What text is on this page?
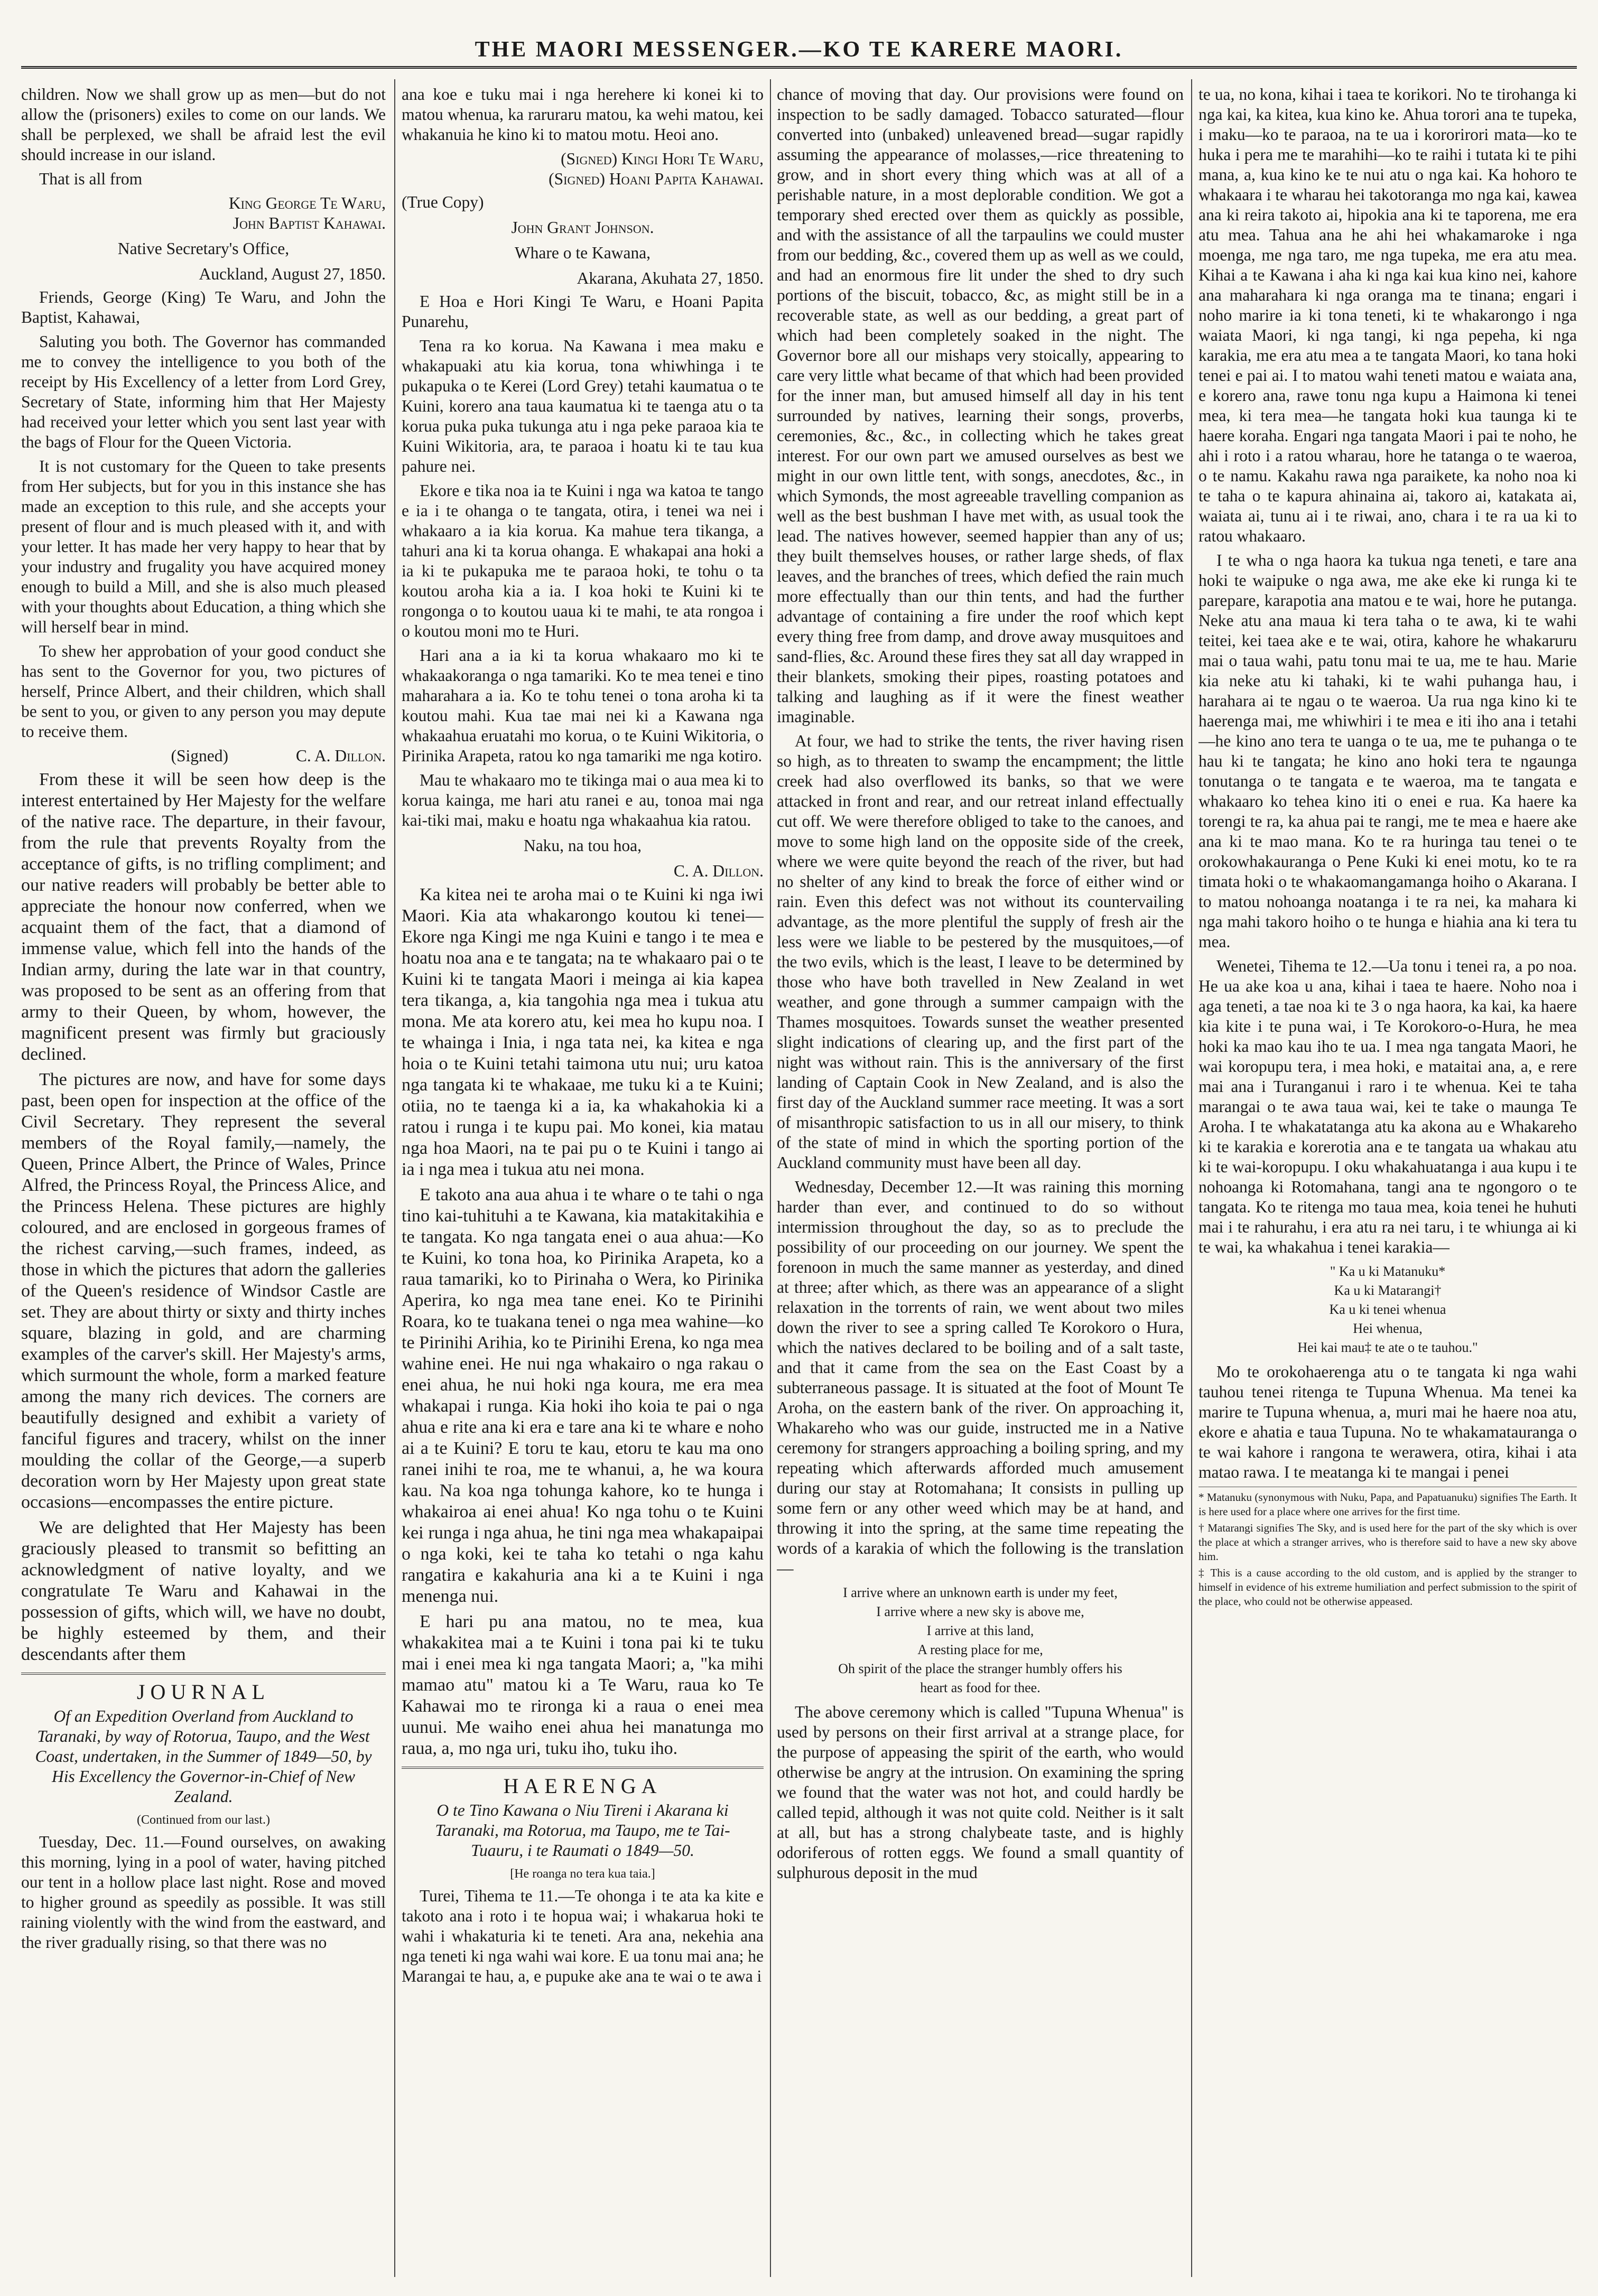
THE MAORI MESSENGER.—KO TE KARERE MAORI.

children. Now we shall grow up as men—but do not allow the (prisoners) exiles to come on our lands. We shall be perplexed, we shall be afraid lest the evil should increase in our island.

That is all from

King George Te Waru,
John Baptist Kahawai.
Native Secretary's Office,
Auckland, August 27, 1850.

Friends, George (King) Te Waru, and John the Baptist, Kahawai,

Saluting you both. The Governor has commanded me to convey the intelligence to you both of the receipt by His Excellency of a letter from Lord Grey, Secretary of State, informing him that Her Majesty had received your letter which you sent last year with the bags of Flour for the Queen Victoria.

It is not customary for the Queen to take presents from Her subjects, but for you in this instance she has made an exception to this rule, and she accepts your present of flour and is much pleased with it, and with your letter. It has made her very happy to hear that by your industry and frugality you have acquired money enough to build a Mill, and she is also much pleased with your thoughts about Education, a thing which she will herself bear in mind.

To shew her approbation of your good conduct she has sent to the Governor for you, two pictures of herself, Prince Albert, and their children, which shall be sent to you, or given to any person you may depute to receive them.

(Signed)	C. A. Dillon.

From these it will be seen how deep is the interest entertained by Her Majesty for the welfare of the native race. The departure, in their favour, from the rule that prevents Royalty from the acceptance of gifts, is no trifling compliment; and our native readers will probably be better able to appreciate the honour now conferred, when we acquaint them of the fact, that a diamond of immense value, which fell into the hands of the Indian army, during the late war in that country, was proposed to be sent as an offering from that army to their Queen, by whom, however, the magnificent present was firmly but graciously declined.

The pictures are now, and have for some days past, been open for inspection at the office of the Civil Secretary. They represent the several members of the Royal family,—namely, the Queen, Prince Albert, the Prince of Wales, Prince Alfred, the Princess Royal, the Princess Alice, and the Princess Helena. These pictures are highly coloured, and are enclosed in gorgeous frames of the richest carving,—such frames, indeed, as those in which the pictures that adorn the galleries of the Queen's residence of Windsor Castle are set. They are about thirty or sixty and thirty inches square, blazing in gold, and are charming examples of the carver's skill. Her Majesty's arms, which surmount the whole, form a marked feature among the many rich devices. The corners are beautifully designed and exhibit a variety of fanciful figures and tracery, whilst on the inner moulding the collar of the George,—a superb decoration worn by Her Majesty upon great state occasions—encompasses the entire picture.

We are delighted that Her Majesty has been graciously pleased to transmit so befitting an acknowledgment of native loyalty, and we congratulate Te Waru and Kahawai in the possession of gifts, which will, we have no doubt, be highly esteemed by them, and their descendants after them

JOURNAL
Of an Expedition Overland from Auckland to Taranaki, by way of Rotorua, Taupo, and the West Coast, undertaken, in the Summer of 1849—50, by His Excellency the Governor-in-Chief of New Zealand.
(Continued from our last.)

Tuesday, Dec. 11.—Found ourselves, on awaking this morning, lying in a pool of water, having pitched our tent in a hollow place last night. Rose and moved to higher ground as speedily as possible. It was still raining violently with the wind from the eastward, and the river gradually rising, so that there was no

ana koe e tuku mai i nga herehere ki konei ki to matou whenua, ka raruraru matou, ka wehi matou, kei whakanuia he kino ki to matou motu. Heoi ano.

(Signed) Kingi Hori Te Waru,
(Signed) Hoani Papita Kahawai.
(True Copy)
John Grant Johnson.
Whare o te Kawana,
Akarana, Akuhata 27, 1850.

E Hoa e Hori Kingi Te Waru, e Hoani Papita Punarehu,

Tena ra ko korua. Na Kawana i mea maku e whakapuaki atu kia korua, tona whiwhinga i te pukapuka o te Kerei (Lord Grey) tetahi kaumatua o te Kuini, korero ana taua kaumatua ki te taenga atu o ta korua puka puka tukunga atu i nga peke paraoa kia te Kuini Wikitoria, ara, te paraoa i hoatu ki te tau kua pahure nei.

Ekore e tika noa ia te Kuini i nga wa katoa te tango e ia i te ohanga o te tangata, otira, i tenei wa nei i whakaaro a ia kia korua. Ka mahue tera tikanga, a tahuri ana ki ta korua ohanga. E whakapai ana hoki a ia ki te pukapuka me te paraoa hoki, te tohu o ta koutou aroha kia a ia. I koa hoki te Kuini ki te rongonga o to koutou uaua ki te mahi, te ata rongoa i o koutou moni mo te Huri.

Hari ana a ia ki ta korua whakaaro mo ki te whakaakoranga o nga tamariki. Ko te mea tenei e tino maharahara a ia. Ko te tohu tenei o tona aroha ki ta koutou mahi. Kua tae mai nei ki a Kawana nga whakaahua eruatahi mo korua, o te Kuini Wikitoria, o Pirinika Arapeta, ratou ko nga tamariki me nga kotiro.

Mau te whakaaro mo te tikinga mai o aua mea ki to korua kainga, me hari atu ranei e au, tonoa mai nga kai-tiki mai, maku e hoatu nga whakaahua kia ratou.

Naku, na tou hoa,
C. A. Dillon.

Ka kitea nei te aroha mai o te Kuini ki nga iwi Maori. Kia ata whakarongo koutou ki tenei—Ekore nga Kingi me nga Kuini e tango i te mea e hoatu noa ana e te tangata; na te whakaaro pai o te Kuini ki te tangata Maori i meinga ai kia kapea tera tikanga, a, kia tangohia nga mea i tukua atu mona. Me ata korero atu, kei mea ho kupu noa. I te whainga i Inia, i nga tata nei, ka kitea e nga hoia o te Kuini tetahi taimona utu nui; uru katoa nga tangata ki te whakaae, me tuku ki a te Kuini; otiia, no te taenga ki a ia, ka whakahokia ki a ratou i runga i te kupu pai. Mo konei, kia matau nga hoa Maori, na te pai pu o te Kuini i tango ai ia i nga mea i tukua atu nei mona.

E takoto ana aua ahua i te whare o te tahi o nga tino kai-tuhituhi a te Kawana, kia matakitakihia e te tangata. Ko nga tangata enei o aua ahua:—Ko te Kuini, ko tona hoa, ko Pirinika Arapeta, ko a raua tamariki, ko to Pirinaha o Wera, ko Pirinika Aperira, ko nga mea tane enei. Ko te Pirinihi Roara, ko te tuakana tenei o nga mea wahine—ko te Pirinihi Arihia, ko te Pirinihi Erena, ko nga mea wahine enei. He nui nga whakairo o nga rakau o enei ahua, he nui hoki nga koura, me era mea whakapai i runga. Kia hoki iho koia te pai o nga ahua e rite ana ki era e tare ana ki te whare e noho ai a te Kuini? E toru te kau, etoru te kau ma ono ranei inihi te roa, me te whanui, a, he wa koura kau. Na koa nga tohunga kahore, ko te hunga i whakairoa ai enei ahua! Ko nga tohu o te Kuini kei runga i nga ahua, he tini nga mea whakapaipai o nga koki, kei te taha ko tetahi o nga kahu rangatira e kakahuria ana ki a te Kuini i nga menenga nui.

E hari pu ana matou, no te mea, kua whakakitea mai a te Kuini i tona pai ki te tuku mai i enei mea ki nga tangata Maori; a, "ka mihi mamao atu" matou ki a Te Waru, raua ko Te Kahawai mo te rironga ki a raua o enei mea uunui. Me waiho enei ahua hei manatunga mo raua, a, mo nga uri, tuku iho, tuku iho.

HAERENGA
O te Tino Kawana o Niu Tireni i Akarana ki Taranaki, ma Rotorua, ma Taupo, me te Tai-Tuauru, i te Raumati o 1849—50.
[He roanga no tera kua taia.]

Turei, Tihema te 11.—Te ohonga i te ata ka kite e takoto ana i roto i te hopua wai; i whakarua hoki te wahi i whakaturia ki te teneti. Ara ana, nekehia ana nga teneti ki nga wahi wai kore. E ua tonu mai ana; he Marangai te hau, a, e pupuke ake ana te wai o te awa i

chance of moving that day. Our provisions were found on inspection to be sadly damaged. Tobacco saturated—flour converted into (unbaked) unleavened bread—sugar rapidly assuming the appearance of molasses,—rice threatening to grow, and in short every thing which was at all of a perishable nature, in a most deplorable condition. We got a temporary shed erected over them as quickly as possible, and with the assistance of all the tarpaulins we could muster from our bedding, &c., covered them up as well as we could, and had an enormous fire lit under the shed to dry such portions of the biscuit, tobacco, &c, as might still be in a recoverable state, as well as our bedding, a great part of which had been completely soaked in the night. The Governor bore all our mishaps very stoically, appearing to care very little what became of that which had been provided for the inner man, but amused himself all day in his tent surrounded by natives, learning their songs, proverbs, ceremonies, &c., &c., in collecting which he takes great interest. For our own part we amused ourselves as best we might in our own little tent, with songs, anecdotes, &c., in which Symonds, the most agreeable travelling companion as well as the best bushman I have met with, as usual took the lead. The natives however, seemed happier than any of us; they built themselves houses, or rather large sheds, of flax leaves, and the branches of trees, which defied the rain much more effectually than our thin tents, and had the further advantage of containing a fire under the roof which kept every thing free from damp, and drove away musquitoes and sand-flies, &c. Around these fires they sat all day wrapped in their blankets, smoking their pipes, roasting potatoes and talking and laughing as if it were the finest weather imaginable.

At four, we had to strike the tents, the river having risen so high, as to threaten to swamp the encampment; the little creek had also overflowed its banks, so that we were attacked in front and rear, and our retreat inland effectually cut off. We were therefore obliged to take to the canoes, and move to some high land on the opposite side of the creek, where we were quite beyond the reach of the river, but had no shelter of any kind to break the force of either wind or rain. Even this defect was not without its countervailing advantage, as the more plentiful the supply of fresh air the less were we liable to be pestered by the musquitoes,—of the two evils, which is the least, I leave to be determined by those who have both travelled in New Zealand in wet weather, and gone through a summer campaign with the Thames mosquitoes. Towards sunset the weather presented slight indications of clearing up, and the first part of the night was without rain. This is the anniversary of the first landing of Captain Cook in New Zealand, and is also the first day of the Auckland summer race meeting. It was a sort of misanthropic satisfaction to us in all our misery, to think of the state of mind in which the sporting portion of the Auckland community must have been all day.

Wednesday, December 12.—It was raining this morning harder than ever, and continued to do so without intermission throughout the day, so as to preclude the possibility of our proceeding on our journey. We spent the forenoon in much the same manner as yesterday, and dined at three; after which, as there was an appearance of a slight relaxation in the torrents of rain, we went about two miles down the river to see a spring called Te Korokoro o Hura, which the natives declared to be boiling and of a salt taste, and that it came from the sea on the East Coast by a subterraneous passage. It is situated at the foot of Mount Te Aroha, on the eastern bank of the river. On approaching it, Whakareho who was our guide, instructed me in a Native ceremony for strangers approaching a boiling spring, and my repeating which afterwards afforded much amusement during our stay at Rotomahana; It consists in pulling up some fern or any other weed which may be at hand, and throwing it into the spring, at the same time repeating the words of a karakia of which the following is the translation—

I arrive where an unknown earth is under my feet,
I arrive where a new sky is above me,
I arrive at this land,
A resting place for me,
Oh spirit of the place the stranger humbly offers his
heart as food for thee.

The above ceremony which is called "Tupuna Whenua" is used by persons on their first arrival at a strange place, for the purpose of appeasing the spirit of the earth, who would otherwise be angry at the intrusion. On examining the spring we found that the water was not hot, and could hardly be called tepid, although it was not quite cold. Neither is it salt at all, but has a strong chalybeate taste, and is highly odoriferous of rotten eggs. We found a small quantity of sulphurous deposit in the mud

te ua, no kona, kihai i taea te korikori. No te tirohanga ki nga kai, ka kitea, kua kino ke. Ahua torori ana te tupeka, i maku—ko te paraoa, na te ua i kororirori mata—ko te huka i pera me te marahihi—ko te raihi i tutata ki te pihi mana, a, kua kino ke te nui atu o nga kai. Ka hohoro te whakaara i te wharau hei takotoranga mo nga kai, kawea ana ki reira takoto ai, hipokia ana ki te taporena, me era atu mea. Tahua ana he ahi hei whakamaroke i nga moenga, me nga taro, me nga tupeka, me era atu mea. Kihai a te Kawana i aha ki nga kai kua kino nei, kahore ana maharahara ki nga oranga ma te tinana; engari i noho marire ia ki tona teneti, ki te whakarongo i nga waiata Maori, ki nga tangi, ki nga pepeha, ki nga karakia, me era atu mea a te tangata Maori, ko tana hoki tenei e pai ai. I to matou wahi teneti matou e waiata ana, e korero ana, rawe tonu nga kupu a Haimona ki tenei mea, ki tera mea—he tangata hoki kua taunga ki te haere koraha. Engari nga tangata Maori i pai te noho, he ahi i roto i a ratou wharau, hore he tatanga o te waeroa, o te namu. Kakahu rawa nga paraikete, ka noho noa ki te taha o te kapura ahinaina ai, takoro ai, katakata ai, waiata ai, tunu ai i te riwai, ano, chara i te ra ua ki to ratou whakaaro.

I te wha o nga haora ka tukua nga teneti, e tare ana hoki te waipuke o nga awa, me ake eke ki runga ki te parepare, karapotia ana matou e te wai, hore he putanga. Neke atu ana maua ki tera taha o te awa, ki te wahi teitei, kei taea ake e te wai, otira, kahore he whakaruru mai o taua wahi, patu tonu mai te ua, me te hau. Marie kia neke atu ki tahaki, ki te wahi puhanga hau, i harahara ai te ngau o te waeroa. Ua rua nga kino ki te haerenga mai, me whiwhiri i te mea e iti iho ana i tetahi—he kino ano tera te uanga o te ua, me te puhanga o te hau ki te tangata; he kino ano hoki tera te ngaunga tonutanga o te tangata e te waeroa, ma te tangata e whakaaro ko tehea kino iti o enei e rua. Ka haere ka torengi te ra, ka ahua pai te rangi, me te mea e haere ake ana ki te mao mana. Ko te ra huringa tau tenei o te orokowhakauranga o Pene Kuki ki enei motu, ko te ra timata hoki o te whakaomangamanga hoiho o Akarana. I to matou nohoanga noatanga i te ra nei, ka mahara ki nga mahi takoro hoiho o te hunga e hiahia ana ki tera tu mea.

Wenetei, Tihema te 12.—Ua tonu i tenei ra, a po noa. He ua ake koa u ana, kihai i taea te haere. Noho noa i aga teneti, a tae noa ki te 3 o nga haora, ka kai, ka haere kia kite i te puna wai, i Te Korokoro-o-Hura, he mea hoki ka mao kau iho te ua. I mea nga tangata Maori, he wai koropupu tera, i mea hoki, e mataitai ana, a, e rere mai ana i Turanganui i raro i te whenua. Kei te taha marangai o te awa taua wai, kei te take o maunga Te Aroha. I te whakatatanga atu ka akona au e Whakareho ki te karakia e korerotia ana e te tangata ua whakau atu ki te wai-koropupu. I oku whakahuatanga i aua kupu i te nohoanga ki Rotomahana, tangi ana te ngongoro o te tangata. Ko te ritenga mo taua mea, koia tenei he huhuti mai i te rahurahu, i era atu ra nei taru, i te whiunga ai ki te wai, ka whakahua i tenei karakia—

" Ka u ki Matanuku*
Ka u ki Matarangi†
Ka u ki tenei whenua
Hei whenua,
Hei kai mau‡ te ate o te tauhou."

Mo te orokohaerenga atu o te tangata ki nga wahi tauhou tenei ritenga te Tupuna Whenua. Ma tenei ka marire te Tupuna whenua, a, muri mai he haere noa atu, ekore e ahatia e taua Tupuna. No te whakamatauranga o te wai kahore i rangona te werawera, otira, kihai i ata matao rawa. I te meatanga ki te mangai i penei

* Matanuku (synonymous with Nuku, Papa, and Papatuanuku) signifies The Earth. It is here used for a place where one arrives for the first time.
† Matarangi signifies The Sky, and is used here for the part of the sky which is over the place at which a stranger arrives, who is therefore said to have a new sky above him.
‡ This is a cause according to the old custom, and is applied by the stranger to himself in evidence of his extreme humiliation and perfect submission to the spirit of the place, who could not be otherwise appeased.
